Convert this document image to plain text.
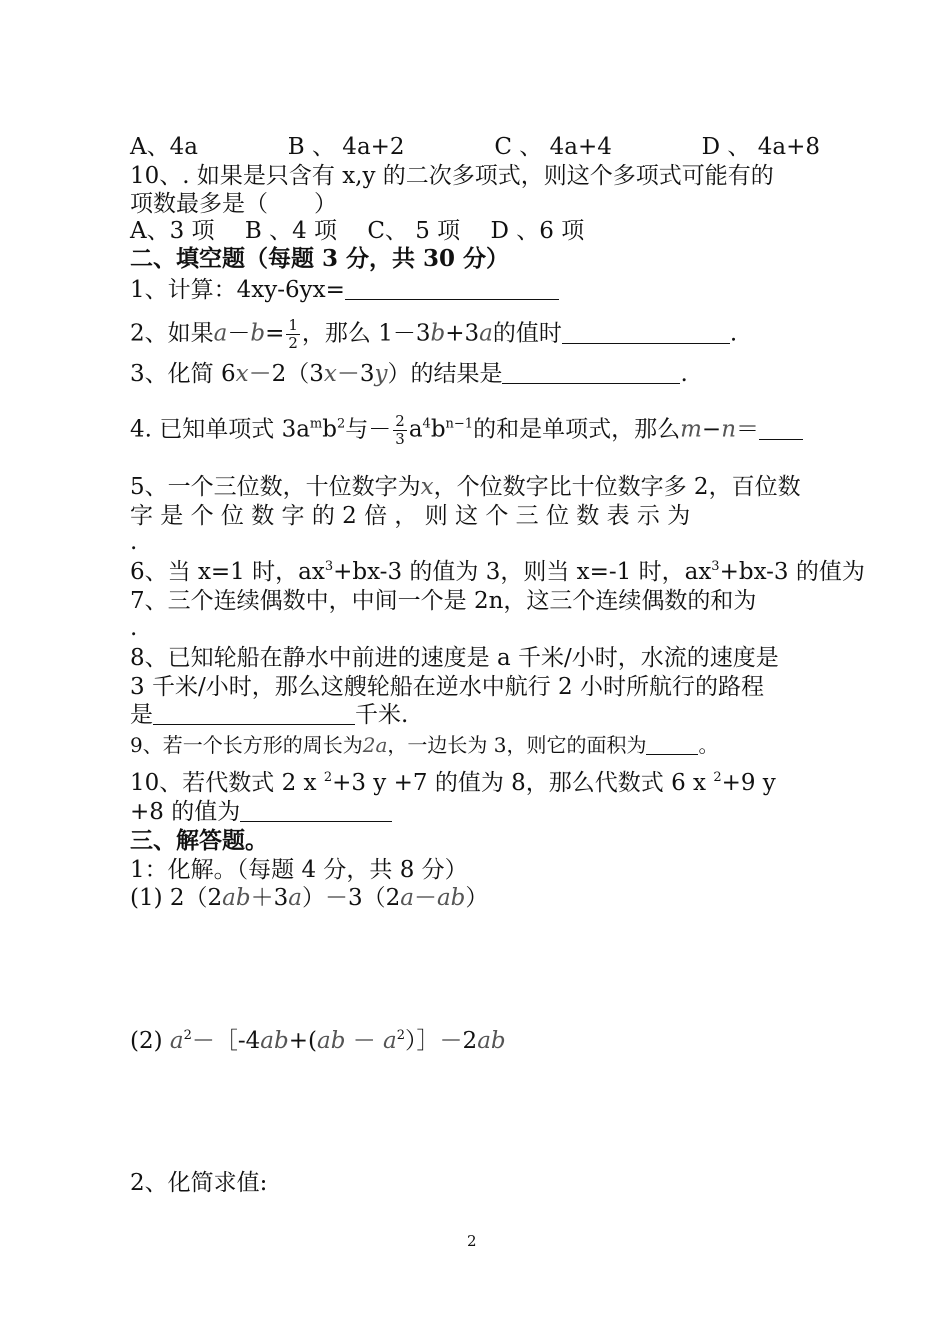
A、4a	B 、 4a+2	C 、 4a+4	D 、 4a+8
10、. 如果是只含有 x,y 的二次多项式，则这个多项式可能有的
项数最多是（　　）
A、3 项　 B 、4 项　 C、 5 项　 D 、6 项
二、填空题（每题 3 分，共 30 分）
1、计算：4xy-6yx=
2、如果$a-b= \frac{1}{2}$ ，那么 1－3b+3a的值时	.
3、化简 6x－2（3x－3y）的结果是	.
4. 已知单项式 $3a^mb^2$与－ $\frac{2}{3} a^4b^{n-1}$的和是单项式，那么m−n＝
5、一个三位数，十位数字为x，个位数字比十位数字多 2，百位数
字 是 个 位 数 字 的 2 倍 ， 则 这 个 三 位 数 表 示 为
.
6、当 x=1 时，$ax^3+bx-3$ 的值为 3，则当 x=-1 时，$ax^3+bx-3$ 的值为
7、三个连续偶数中，中间一个是 2n，这三个连续偶数的和为
.
8、已知轮船在静水中前进的速度是 a 千米/小时，水流的速度是
3 千米/小时，那么这艘轮船在逆水中航行 2 小时所航行的路程
是	千米.
9、若一个长方形的周长为2a，一边长为 3，则它的面积为	。
10、若代数式 2 x $^2$+3 y +7 的值为 8，那么代数式 6 x $^2$+9 y
+8 的值为
三、解答题。
1：化解。（每题 4 分，共 8 分）
(1) 2（2ab＋3a）－3（2a－ab）
(2) $a^2-[-4ab+(ab$ － $a^2)]-2ab$
2、化简求值:
2
